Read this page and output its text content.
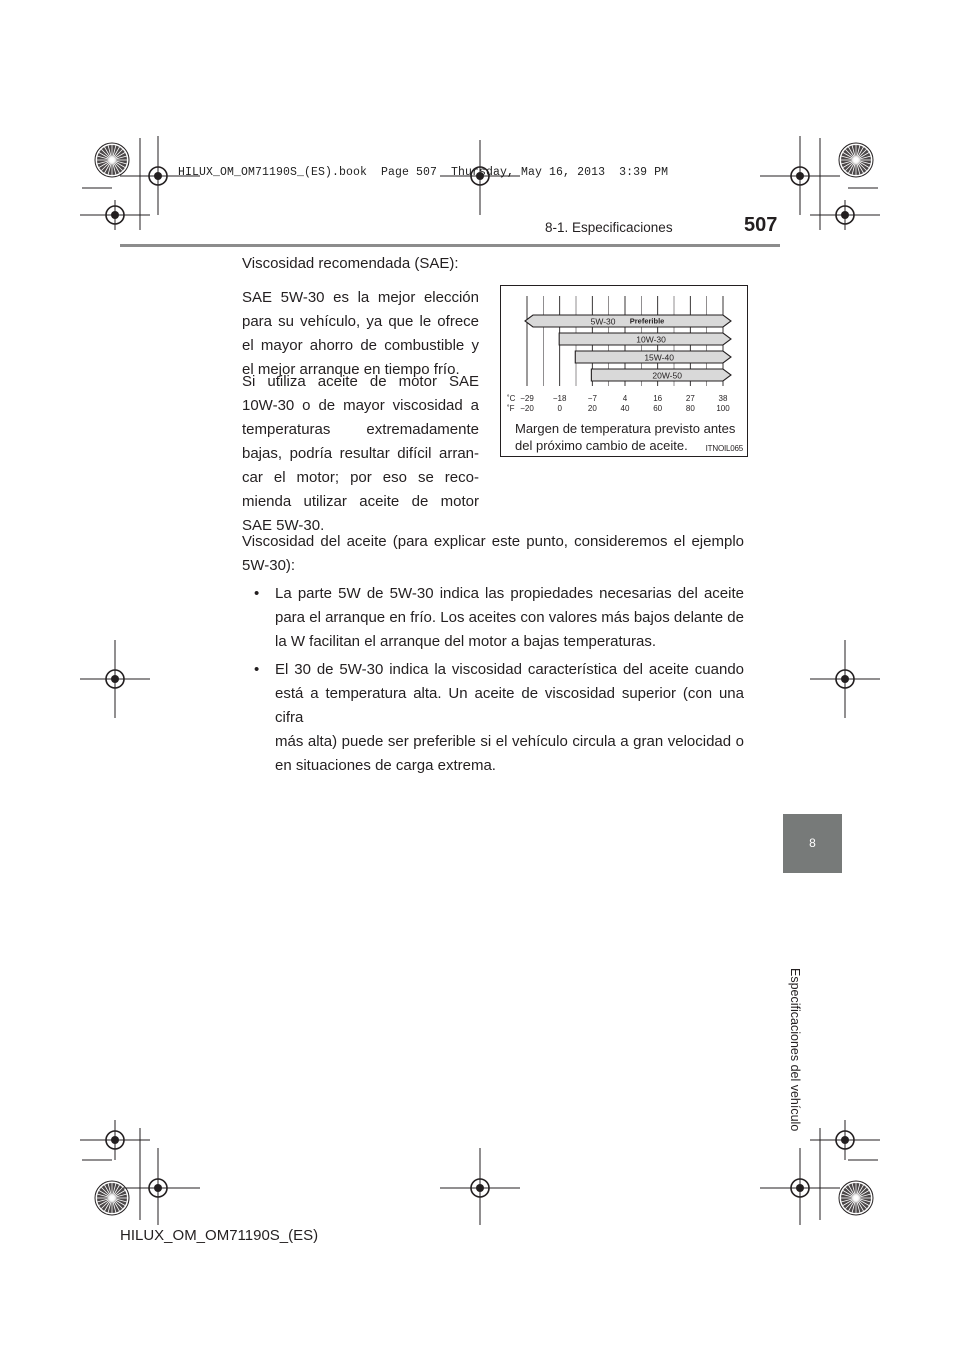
HILUX_OM_OM71190S_(ES).book  Page 507  Thursday, May 16, 2013  3:39 PM
8-1. Especificaciones	507
Viscosidad recomendada (SAE):
SAE 5W-30 es la mejor elección
para su vehículo, ya que le ofrece
el mayor ahorro de combustible y
el mejor arranque en tiempo frío.
Si utiliza aceite de motor SAE
10W-30 o de mayor viscosidad a
temperaturas extremadamente
bajas, podría resultar difícil arran-
car el motor; por eso se reco-
mienda utilizar aceite de motor
SAE 5W-30.
Viscosidad del aceite (para explicar este punto, consideremos el ejemplo
5W-30):
• La parte 5W de 5W-30 indica las propiedades necesarias del aceite
para el arranque en frío. Los aceites con valores más bajos delante de
la W facilitan el arranque del motor a bajas temperaturas.
• El 30 de 5W-30 indica la viscosidad característica del aceite cuando
está a temperatura alta. Un aceite de viscosidad superior (con una cifra
más alta) puede ser preferible si el vehículo circula a gran velocidad o
en situaciones de carga extrema.
5W-30 Preferible
10W-30
15W-40
20W-50
˚C
˚F
−29 −18	−7	4	16	27	38
−20	0	20	40	60	80	100
Margen de temperatura previsto antes
del próximo cambio de aceite.	ITNOIL065
8
Especificaciones del vehículo
HILUX_OM_OM71190S_(ES)
